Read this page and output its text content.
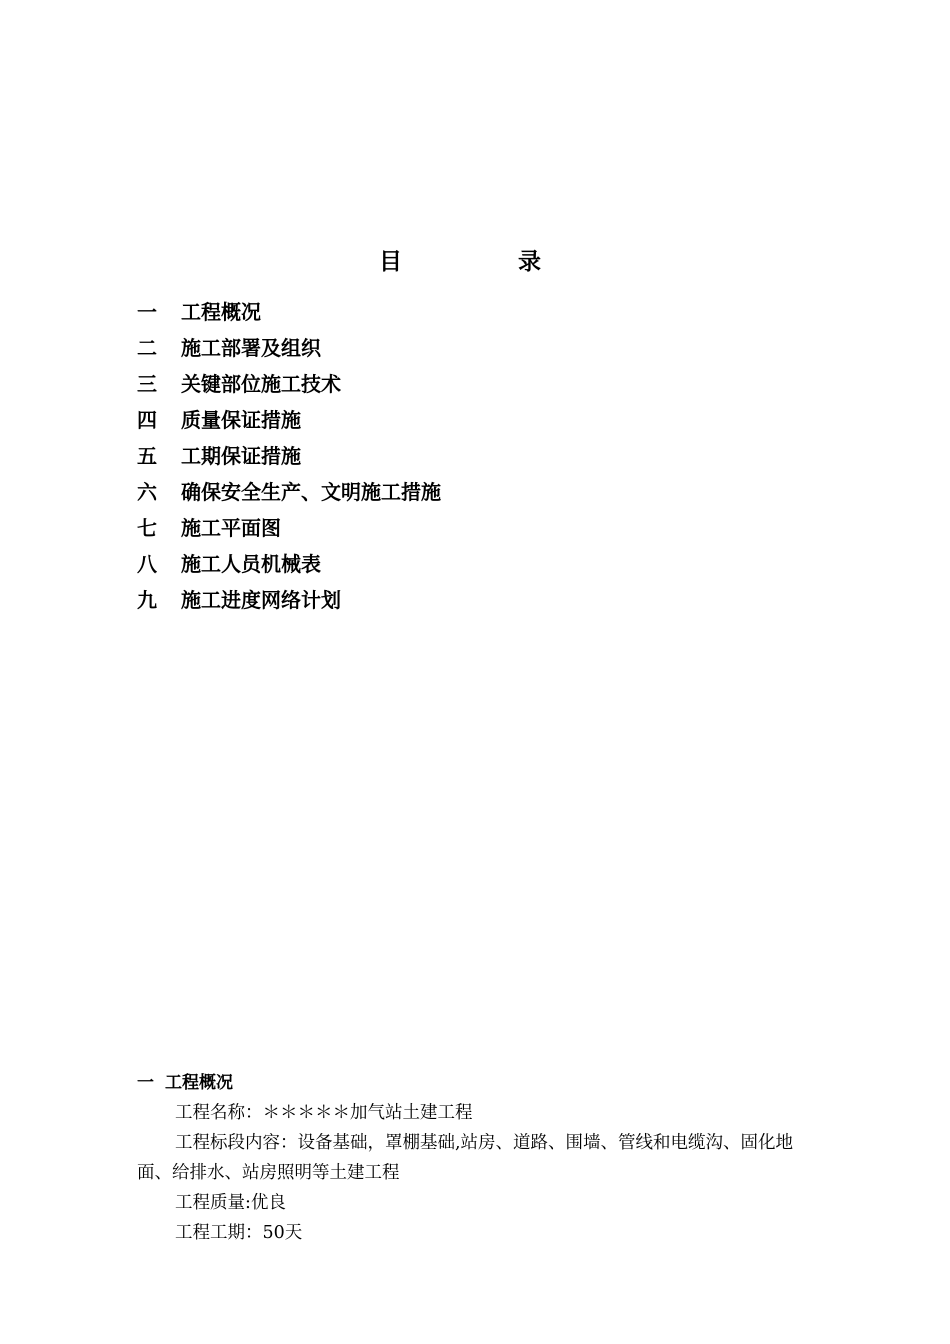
目	录
一 工程概况
二 施工部署及组织
三 关键部位施工技术
四 质量保证措施
五 工期保证措施
六 确保安全生产、文明施工措施
七 施工平面图
八 施工人员机械表
九 施工进度网络计划
一 工程概况

工程名称：＊＊＊＊＊加气站土建工程

工程标段内容：设备基础，罩棚基础,站房、道路、围墙、管线和电缆沟、固化地面、给排水、站房照明等土建工程

工程质量:优良

工程工期：50天
